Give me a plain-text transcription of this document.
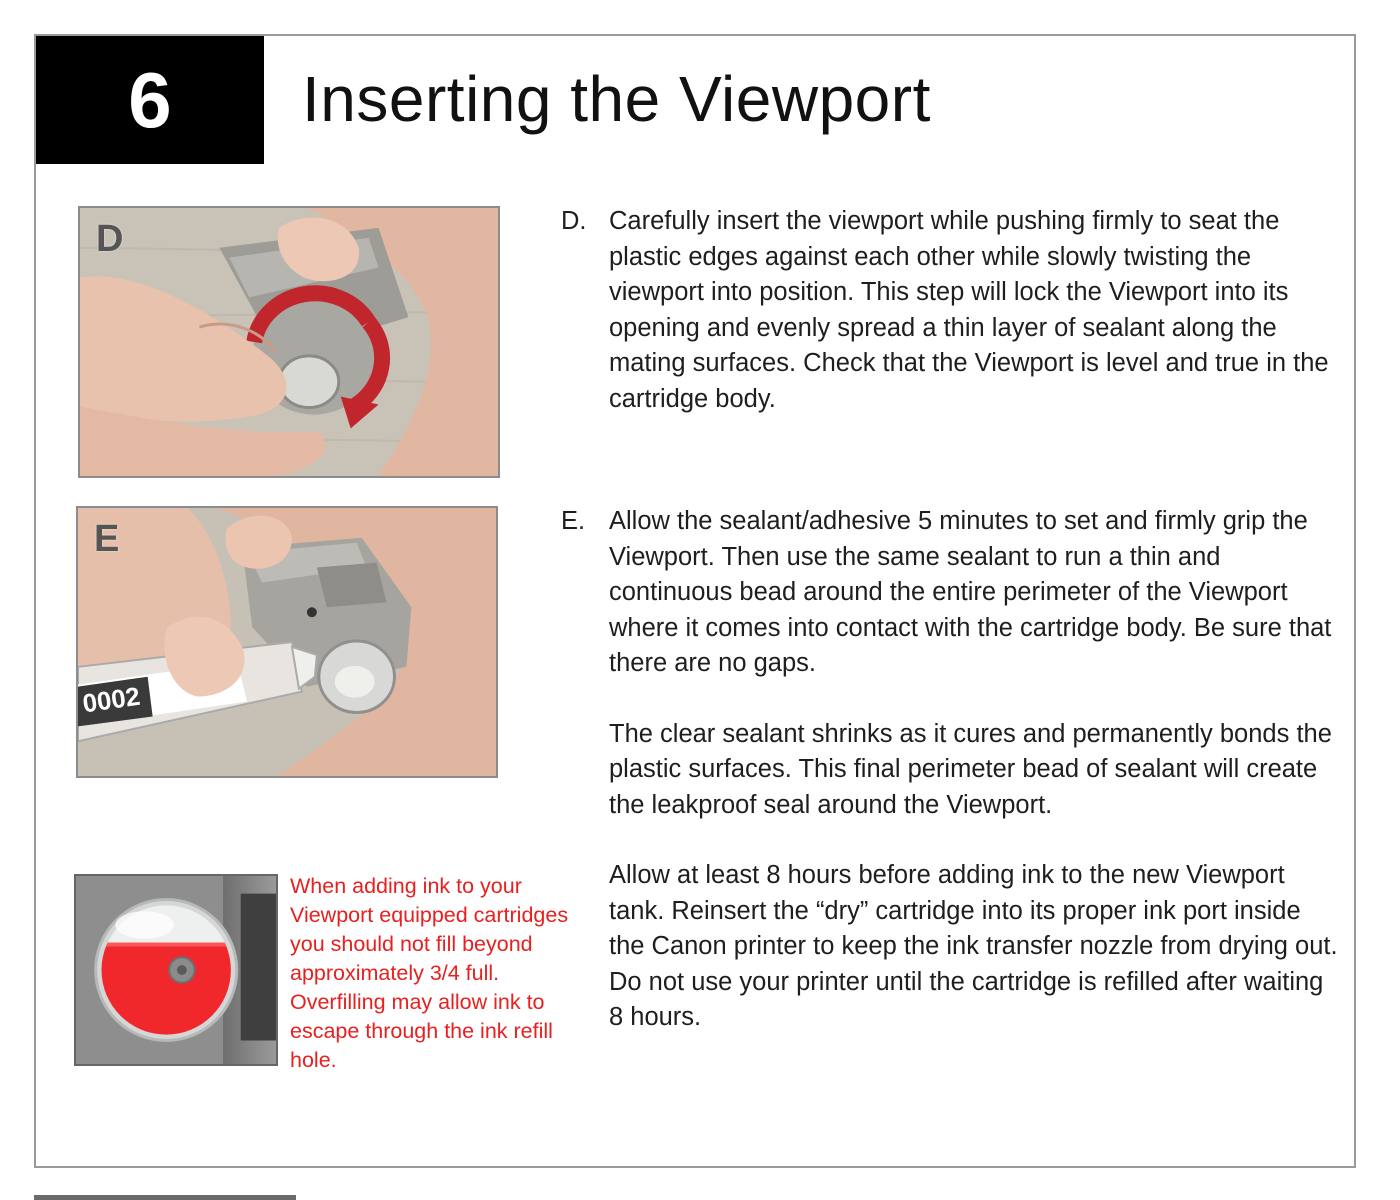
6 Inserting the Viewport
D
0002
E
When adding ink to your Viewport equipped cartridges you should not fill beyond approximately 3/4 full. Overfilling may allow ink to escape through the ink refill hole.
D. Carefully insert the viewport while pushing firmly to seat the plastic edges against each other while slowly twisting the viewport into position. This step will lock the Viewport into its opening and evenly spread a thin layer of sealant along the mating surfaces. Check that the Viewport is level and true in the cartridge body.

E. Allow the sealant/adhesive 5 minutes to set and firmly grip the Viewport. Then use the same sealant to run a thin and continuous bead around the entire perimeter of the Viewport where it comes into contact with the cartridge body. Be sure that there are no gaps.

The clear sealant shrinks as it cures and permanently bonds the plastic surfaces. This final perimeter bead of sealant will create the leakproof seal around the Viewport.

Allow at least 8 hours before adding ink to the new Viewport tank. Reinsert the “dry” cartridge into its proper ink port inside the Canon printer to keep the ink transfer nozzle from drying out. Do not use your printer until the cartridge is refilled after waiting 8 hours.
